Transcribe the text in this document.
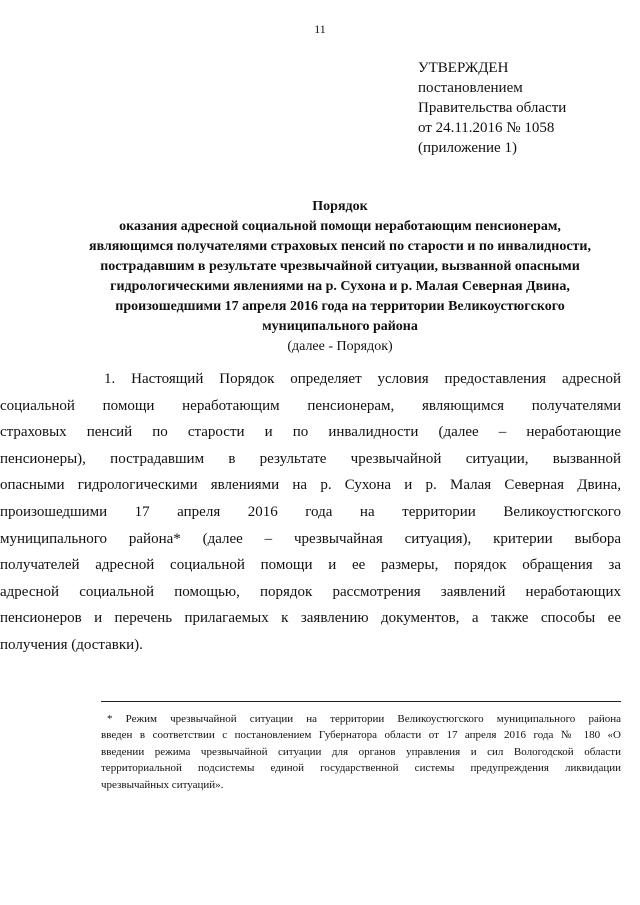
11
УТВЕРЖДЕН
постановлением
Правительства области
от 24.11.2016 № 1058
(приложение 1)
Порядок
оказания адресной социальной помощи неработающим пенсионерам,
являющимся получателями страховых пенсий по старости и по инвалидности,
пострадавшим в результате чрезвычайной ситуации, вызванной опасными
гидрологическими явлениями на р. Сухона и р. Малая Северная Двина,
произошедшими 17 апреля 2016 года на территории Великоустюгского
муниципального района
(далее - Порядок)
1. Настоящий Порядок определяет условия предоставления адресной
социальной помощи неработающим пенсионерам, являющимся получателями
страховых пенсий по старости и по инвалидности (далее – неработающие
пенсионеры), пострадавшим в результате чрезвычайной ситуации, вызванной
опасными гидрологическими явлениями на р. Сухона и р. Малая Северная Двина,
произошедшими 17 апреля 2016 года на территории Великоустюгского
муниципального района* (далее – чрезвычайная ситуация), критерии выбора
получателей адресной социальной помощи и ее размеры, порядок обращения за
адресной социальной помощью, порядок рассмотрения заявлений неработающих
пенсионеров и перечень прилагаемых к заявлению документов, а также способы ее
получения (доставки).
* Режим чрезвычайной ситуации на территории Великоустюгского муниципального района
введен в соответствии с постановлением Губернатора области от 17 апреля 2016 года № 180 «О
введении режима чрезвычайной ситуации для органов управления и сил Вологодской области
территориальной подсистемы единой государственной системы предупреждения ликвидации
чрезвычайных ситуаций».
